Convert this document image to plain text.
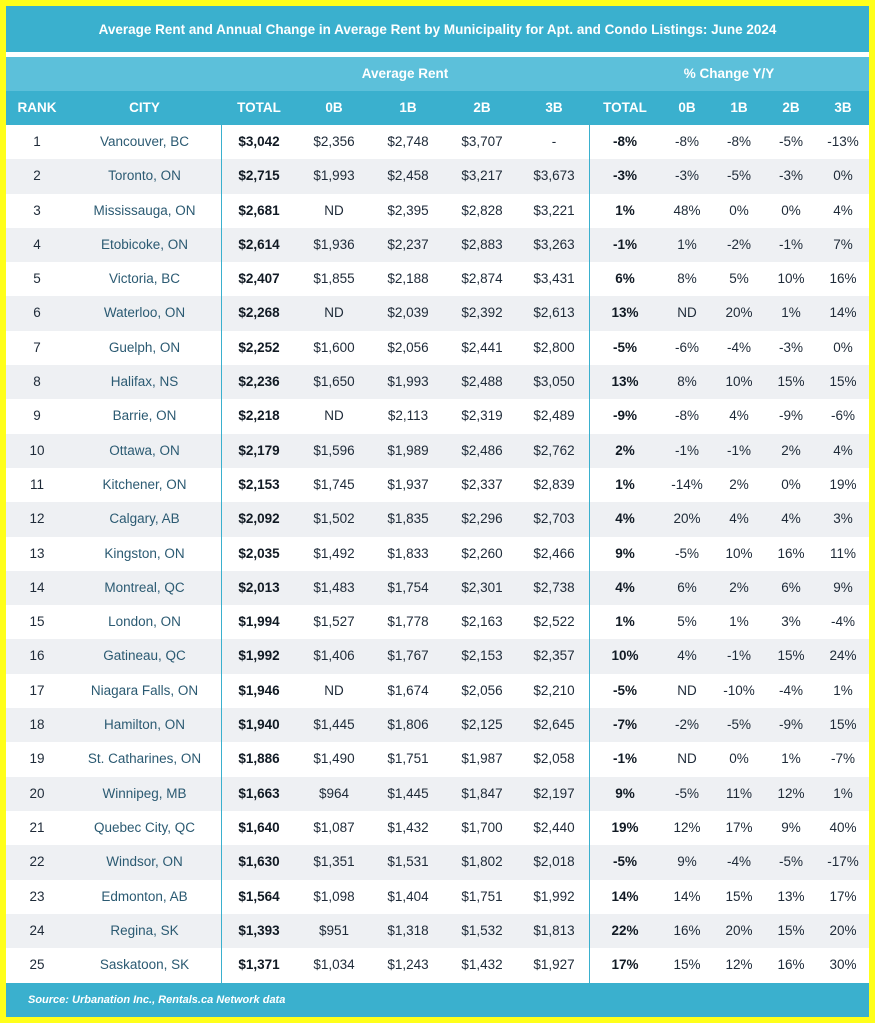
Average Rent and Annual Change in Average Rent by Municipality for Apt. and Condo Listings: June 2024
Average Rent	% Change Y/Y
RANK	CITY	TOTAL	0B	1B	2B	3B	TOTAL	0B	1B	2B	3B
1	Vancouver, BC	$3,042	$2,356	$2,748	$3,707	-	-8%	-8%	-8%	-5%	-13%
2	Toronto, ON	$2,715	$1,993	$2,458	$3,217	$3,673	-3%	-3%	-5%	-3%	0%
3	Mississauga, ON	$2,681	ND	$2,395	$2,828	$3,221	1%	48%	0%	0%	4%
4	Etobicoke, ON	$2,614	$1,936	$2,237	$2,883	$3,263	-1%	1%	-2%	-1%	7%
5	Victoria, BC	$2,407	$1,855	$2,188	$2,874	$3,431	6%	8%	5%	10%	16%
6	Waterloo, ON	$2,268	ND	$2,039	$2,392	$2,613	13%	ND	20%	1%	14%
7	Guelph, ON	$2,252	$1,600	$2,056	$2,441	$2,800	-5%	-6%	-4%	-3%	0%
8	Halifax, NS	$2,236	$1,650	$1,993	$2,488	$3,050	13%	8%	10%	15%	15%
9	Barrie, ON	$2,218	ND	$2,113	$2,319	$2,489	-9%	-8%	4%	-9%	-6%
10	Ottawa, ON	$2,179	$1,596	$1,989	$2,486	$2,762	2%	-1%	-1%	2%	4%
11	Kitchener, ON	$2,153	$1,745	$1,937	$2,337	$2,839	1%	-14%	2%	0%	19%
12	Calgary, AB	$2,092	$1,502	$1,835	$2,296	$2,703	4%	20%	4%	4%	3%
13	Kingston, ON	$2,035	$1,492	$1,833	$2,260	$2,466	9%	-5%	10%	16%	11%
14	Montreal, QC	$2,013	$1,483	$1,754	$2,301	$2,738	4%	6%	2%	6%	9%
15	London, ON	$1,994	$1,527	$1,778	$2,163	$2,522	1%	5%	1%	3%	-4%
16	Gatineau, QC	$1,992	$1,406	$1,767	$2,153	$2,357	10%	4%	-1%	15%	24%
17	Niagara Falls, ON	$1,946	ND	$1,674	$2,056	$2,210	-5%	ND	-10%	-4%	1%
18	Hamilton, ON	$1,940	$1,445	$1,806	$2,125	$2,645	-7%	-2%	-5%	-9%	15%
19	St. Catharines, ON	$1,886	$1,490	$1,751	$1,987	$2,058	-1%	ND	0%	1%	-7%
20	Winnipeg, MB	$1,663	$964	$1,445	$1,847	$2,197	9%	-5%	11%	12%	1%
21	Quebec City, QC	$1,640	$1,087	$1,432	$1,700	$2,440	19%	12%	17%	9%	40%
22	Windsor, ON	$1,630	$1,351	$1,531	$1,802	$2,018	-5%	9%	-4%	-5%	-17%
23	Edmonton, AB	$1,564	$1,098	$1,404	$1,751	$1,992	14%	14%	15%	13%	17%
24	Regina, SK	$1,393	$951	$1,318	$1,532	$1,813	22%	16%	20%	15%	20%
25	Saskatoon, SK	$1,371	$1,034	$1,243	$1,432	$1,927	17%	15%	12%	16%	30%
Source: Urbanation Inc., Rentals.ca Network data
